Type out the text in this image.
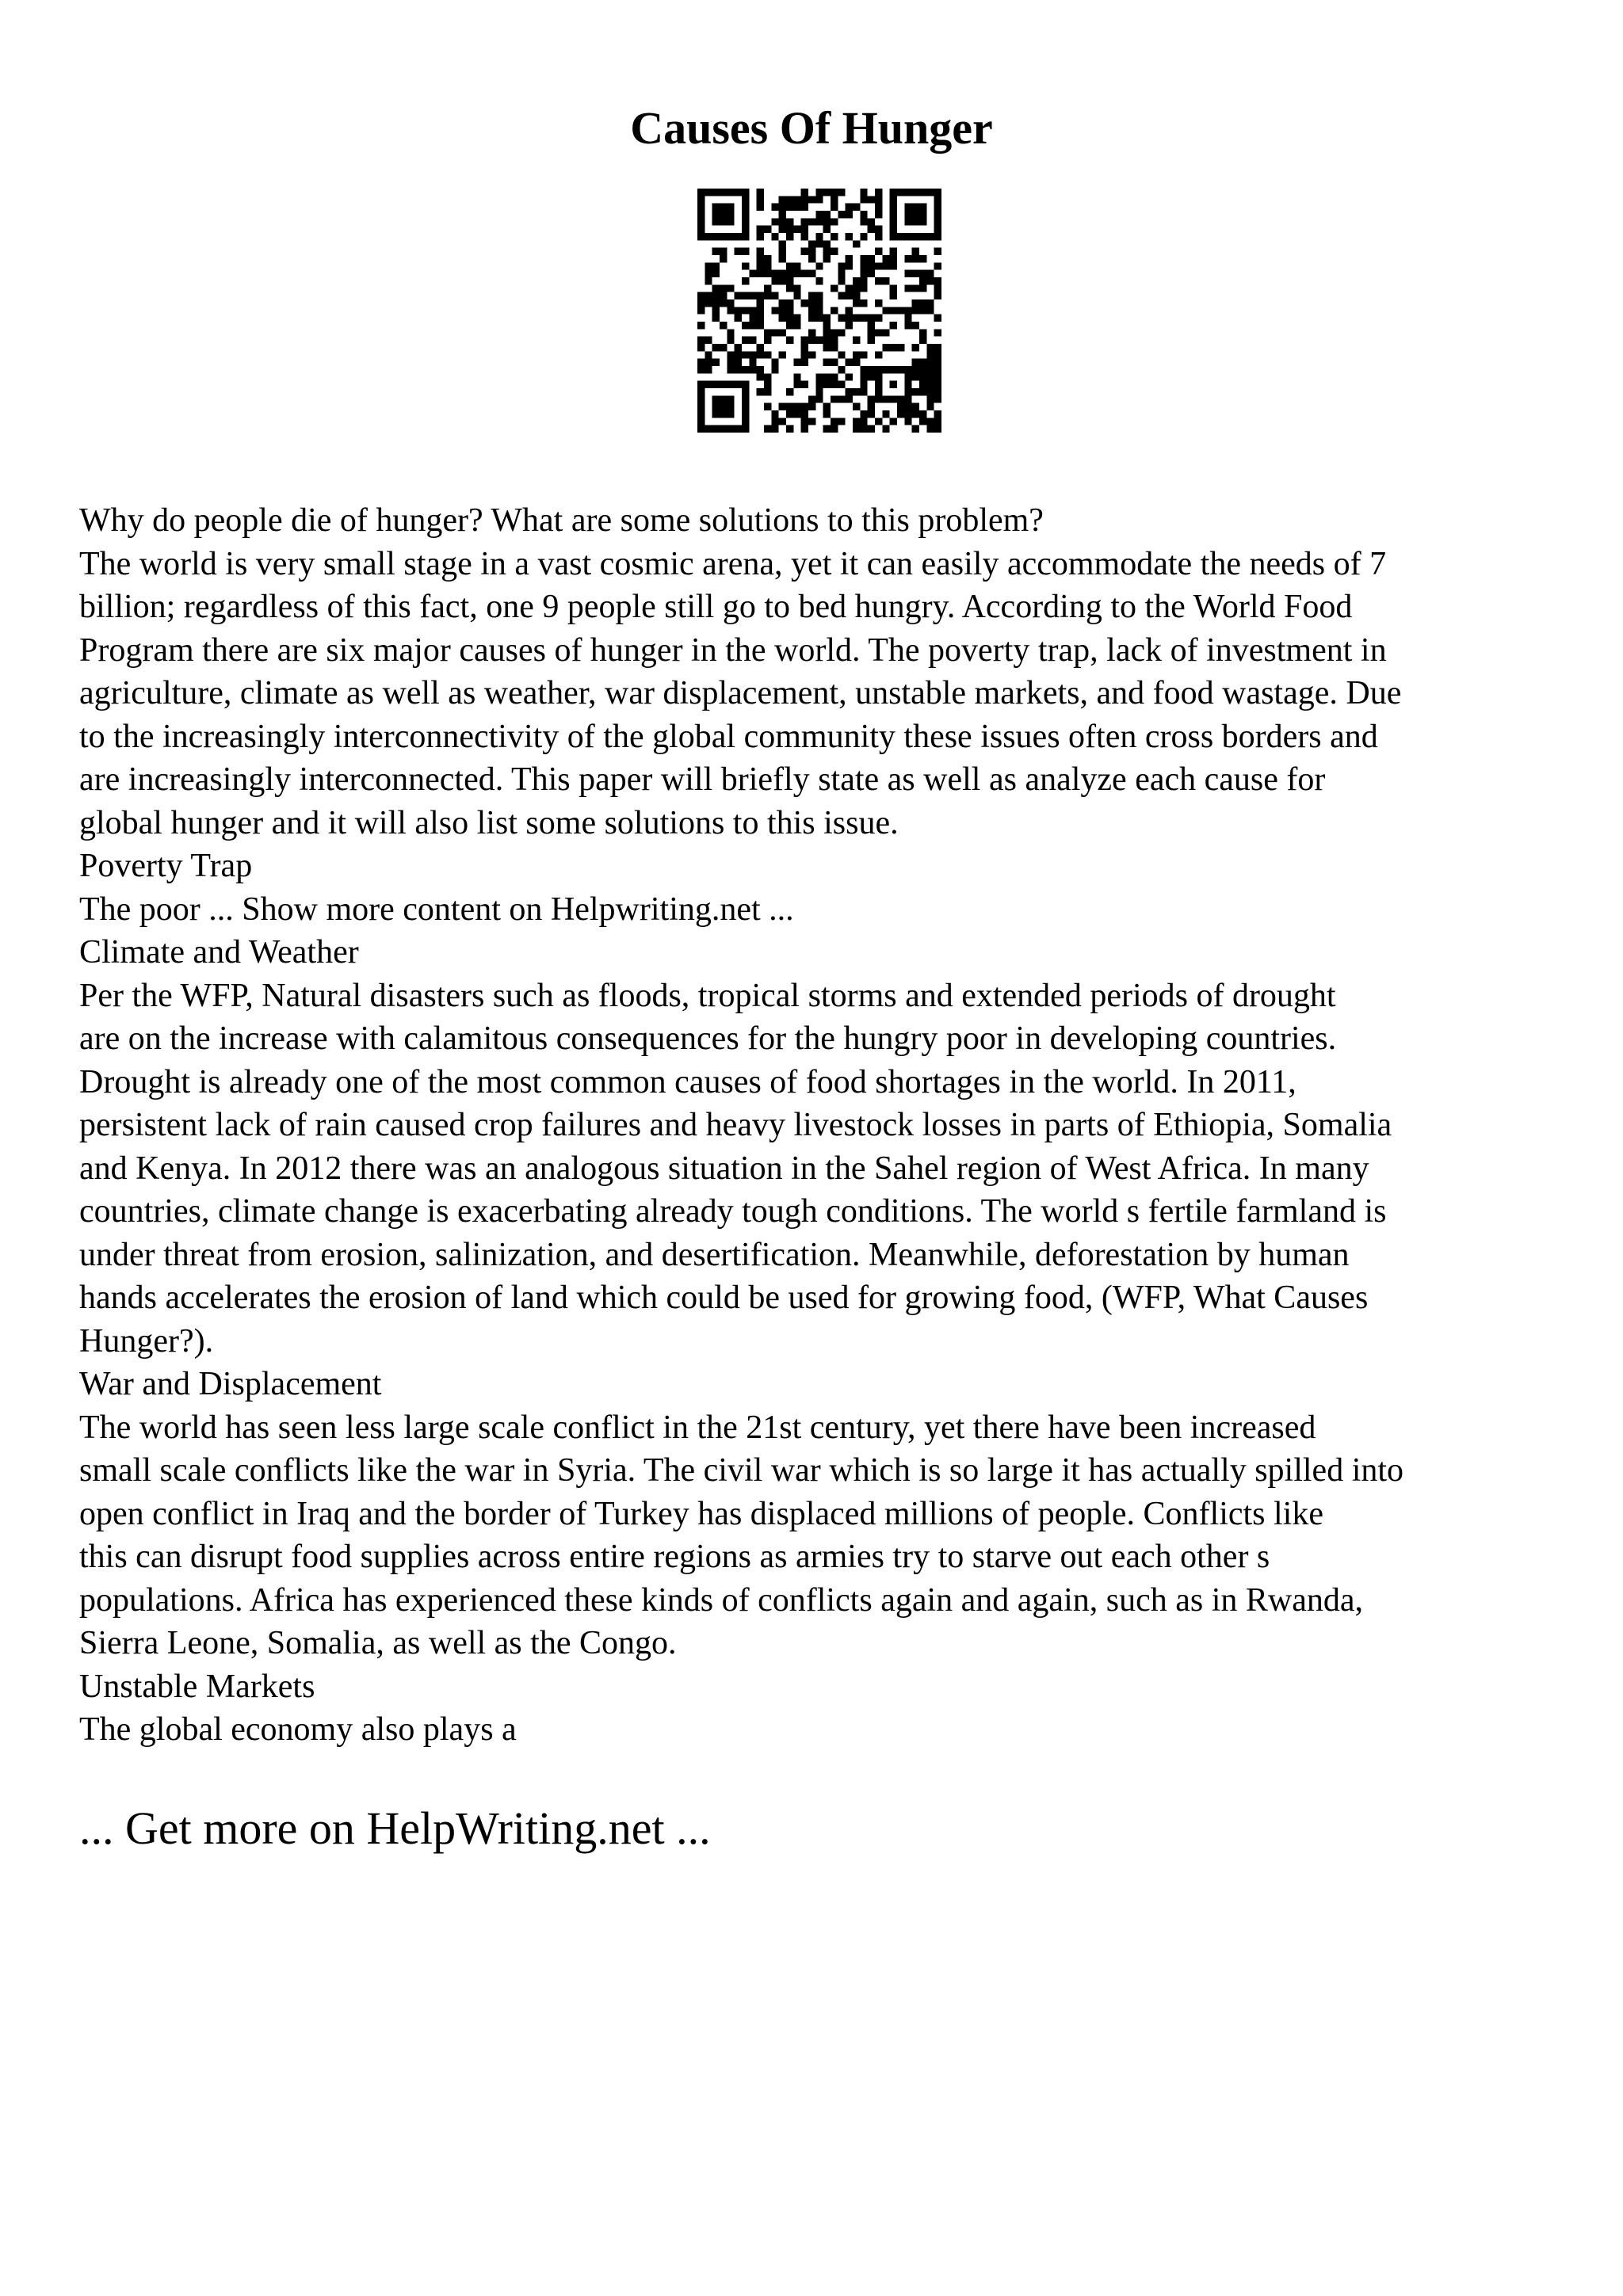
Causes Of Hunger
Why do people die of hunger? What are some solutions to this problem?
The world is very small stage in a vast cosmic arena, yet it can easily accommodate the needs of 7
billion; regardless of this fact, one 9 people still go to bed hungry. According to the World Food
Program there are six major causes of hunger in the world. The poverty trap, lack of investment in
agriculture, climate as well as weather, war displacement, unstable markets, and food wastage. Due
to the increasingly interconnectivity of the global community these issues often cross borders and
are increasingly interconnected. This paper will briefly state as well as analyze each cause for
global hunger and it will also list some solutions to this issue.
Poverty Trap
The poor ... Show more content on Helpwriting.net ...
Climate and Weather
Per the WFP, Natural disasters such as floods, tropical storms and extended periods of drought
are on the increase with calamitous consequences for the hungry poor in developing countries.
Drought is already one of the most common causes of food shortages in the world. In 2011,
persistent lack of rain caused crop failures and heavy livestock losses in parts of Ethiopia, Somalia
and Kenya. In 2012 there was an analogous situation in the Sahel region of West Africa. In many
countries, climate change is exacerbating already tough conditions. The world s fertile farmland is
under threat from erosion, salinization, and desertification. Meanwhile, deforestation by human
hands accelerates the erosion of land which could be used for growing food, (WFP, What Causes
Hunger?).
War and Displacement
The world has seen less large scale conflict in the 21st century, yet there have been increased
small scale conflicts like the war in Syria. The civil war which is so large it has actually spilled into
open conflict in Iraq and the border of Turkey has displaced millions of people. Conflicts like
this can disrupt food supplies across entire regions as armies try to starve out each other s
populations. Africa has experienced these kinds of conflicts again and again, such as in Rwanda,
Sierra Leone, Somalia, as well as the Congo.
Unstable Markets
The global economy also plays a

... Get more on HelpWriting.net ...
